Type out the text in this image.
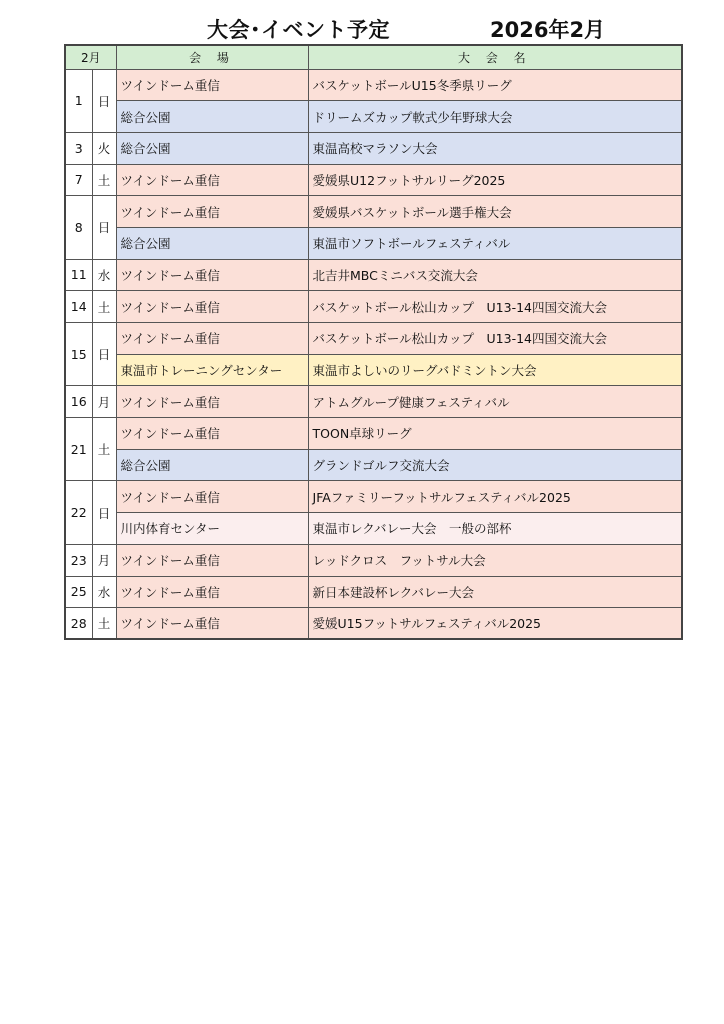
大会･イベント予定	2026年2月
2月		会 場	大 会 名
1	日	ツインドーム重信	バスケットボールU15冬季県リーグ
		総合公園	ドリームズカップ軟式少年野球大会
3	火	総合公園	東温高校マラソン大会
7	土	ツインドーム重信	愛媛県U12フットサルリーグ2025
8	日	ツインドーム重信	愛媛県バスケットボール選手権大会
		総合公園	東温市ソフトボールフェスティバル
11	水	ツインドーム重信	北吉井MBCミニバス交流大会
14	土	ツインドーム重信	バスケットボール松山カップ　U13-14四国交流大会
15	日	ツインドーム重信	バスケットボール松山カップ　U13-14四国交流大会
		東温市トレーニングセンター	東温市よしいのリーグバドミントン大会
16	月	ツインドーム重信	アトムグループ健康フェスティバル
21	土	ツインドーム重信	TOON卓球リーグ
		総合公園	グランドゴルフ交流大会
22	日	ツインドーム重信	JFAファミリーフットサルフェスティバル2025
		川内体育センター	東温市レクバレー大会　一般の部杯
23	月	ツインドーム重信	レッドクロス　フットサル大会
25	水	ツインドーム重信	新日本建設杯レクバレー大会
28	土	ツインドーム重信	愛媛U15フットサルフェスティバル2025
